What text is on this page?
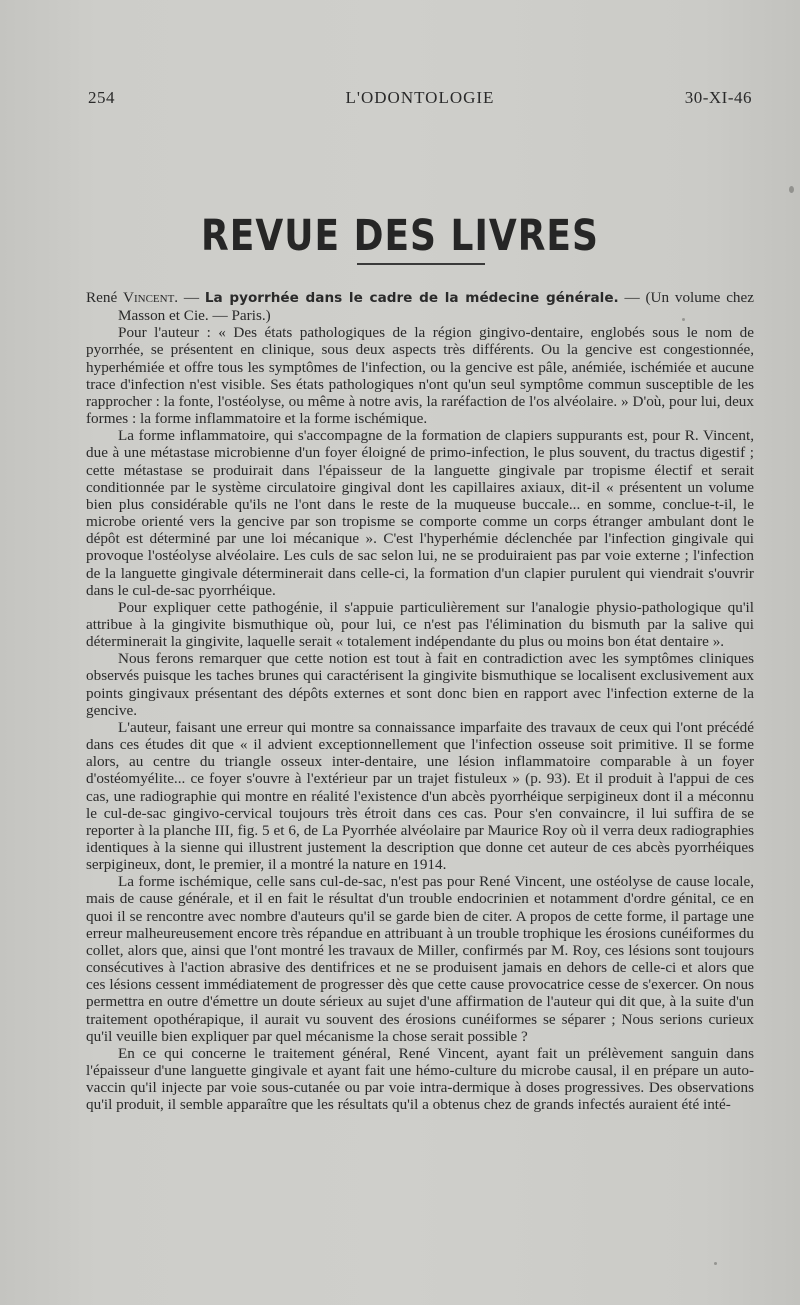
254	L'ODONTOLOGIE	30-XI-46
REVUE DES LIVRES

René Vincent. — La pyorrhée dans le cadre de la médecine générale. — (Un volume chez Masson et Cie. — Paris.)

Pour l'auteur : « Des états pathologiques de la région gingivo-dentaire, englobés sous le nom de pyorrhée, se présentent en clinique, sous deux aspects très différents. Ou la gencive est congestionnée, hyperhémiée et offre tous les symptômes de l'infection, ou la gencive est pâle, anémiée, ischémiée et aucune trace d'infection n'est visible. Ses états pathologiques n'ont qu'un seul symptôme commun susceptible de les rapprocher : la fonte, l'ostéolyse, ou même à notre avis, la raréfaction de l'os alvéolaire. » D'où, pour lui, deux formes : la forme inflammatoire et la forme ischémique.

La forme inflammatoire, qui s'accompagne de la formation de clapiers suppurants est, pour R. Vincent, due à une métastase microbienne d'un foyer éloigné de primo-infection, le plus souvent, du tractus digestif ; cette métastase se produirait dans l'épaisseur de la languette gingivale par tropisme électif et serait conditionnée par le système circulatoire gingival dont les capillaires axiaux, dit-il « présentent un volume bien plus considérable qu'ils ne l'ont dans le reste de la muqueuse buccale... en somme, conclue-t-il, le microbe orienté vers la gencive par son tropisme se comporte comme un corps étranger ambulant dont le dépôt est déterminé par une loi mécanique ». C'est l'hyperhémie déclenchée par l'infection gingivale qui provoque l'ostéolyse alvéolaire. Les culs de sac selon lui, ne se produiraient pas par voie externe ; l'infection de la languette gingivale déterminerait dans celle-ci, la formation d'un clapier purulent qui viendrait s'ouvrir dans le cul-de-sac pyorrhéique.

Pour expliquer cette pathogénie, il s'appuie particulièrement sur l'analogie physio-pathologique qu'il attribue à la gingivite bismuthique où, pour lui, ce n'est pas l'élimination du bismuth par la salive qui déterminerait la gingivite, laquelle serait « totalement indépendante du plus ou moins bon état dentaire ».

Nous ferons remarquer que cette notion est tout à fait en contradiction avec les symptômes cliniques observés puisque les taches brunes qui caractérisent la gingivite bismuthique se localisent exclusivement aux points gingivaux présentant des dépôts externes et sont donc bien en rapport avec l'infection externe de la gencive.

L'auteur, faisant une erreur qui montre sa connaissance imparfaite des travaux de ceux qui l'ont précédé dans ces études dit que « il advient exceptionnellement que l'infection osseuse soit primitive. Il se forme alors, au centre du triangle osseux inter-dentaire, une lésion inflammatoire comparable à un foyer d'ostéomyélite... ce foyer s'ouvre à l'extérieur par un trajet fistuleux » (p. 93). Et il produit à l'appui de ces cas, une radiographie qui montre en réalité l'existence d'un abcès pyorrhéique serpigineux dont il a méconnu le cul-de-sac gingivo-cervical toujours très étroit dans ces cas. Pour s'en convaincre, il lui suffira de se reporter à la planche III, fig. 5 et 6, de La Pyorrhée alvéolaire par Maurice Roy où il verra deux radiographies identiques à la sienne qui illustrent justement la description que donne cet auteur de ces abcès pyorrhéiques serpigineux, dont, le premier, il a montré la nature en 1914.

La forme ischémique, celle sans cul-de-sac, n'est pas pour René Vincent, une ostéolyse de cause locale, mais de cause générale, et il en fait le résultat d'un trouble endocrinien et notamment d'ordre génital, ce en quoi il se rencontre avec nombre d'auteurs qu'il se garde bien de citer. A propos de cette forme, il partage une erreur malheureusement encore très répandue en attribuant à un trouble trophique les érosions cunéiformes du collet, alors que, ainsi que l'ont montré les travaux de Miller, confirmés par M. Roy, ces lésions sont toujours consécutives à l'action abrasive des dentifrices et ne se produisent jamais en dehors de celle-ci et alors que ces lésions cessent immédiatement de progresser dès que cette cause provocatrice cesse de s'exercer. On nous permettra en outre d'émettre un doute sérieux au sujet d'une affirmation de l'auteur qui dit que, à la suite d'un traitement opothérapique, il aurait vu souvent des érosions cunéiformes se séparer ; Nous serions curieux qu'il veuille bien expliquer par quel mécanisme la chose serait possible ?

En ce qui concerne le traitement général, René Vincent, ayant fait un prélèvement sanguin dans l'épaisseur d'une languette gingivale et ayant fait une hémo-culture du microbe causal, il en prépare un auto-vaccin qu'il injecte par voie sous-cutanée ou par voie intra-dermique à doses progressives. Des observations qu'il produit, il semble apparaître que les résultats qu'il a obtenus chez de grands infectés auraient été inté-
